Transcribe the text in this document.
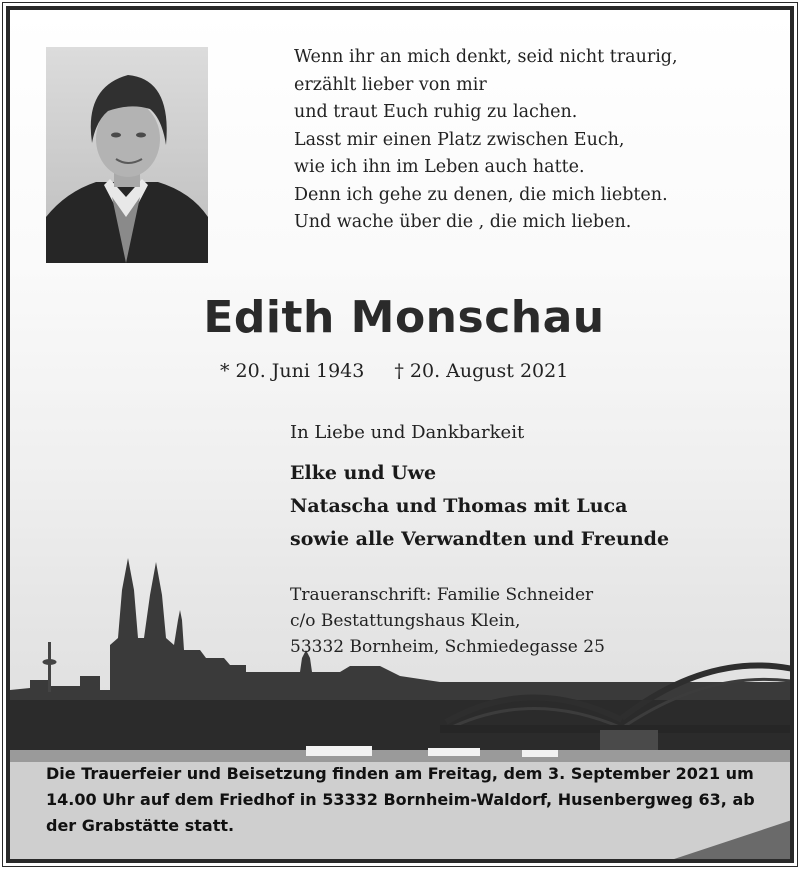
Wenn ihr an mich denkt, seid nicht traurig,
erzählt lieber von mir
und traut Euch ruhig zu lachen.
Lasst mir einen Platz zwischen Euch,
wie ich ihn im Leben auch hatte.
Denn ich gehe zu denen, die mich liebten.
Und wache über die , die mich lieben.
Edith Monschau
* 20. Juni 1943 † 20. August 2021
In Liebe und Dankbarkeit
Elke und Uwe
Natascha und Thomas mit Luca
sowie alle Verwandten und Freunde
Traueranschrift: Familie Schneider
c/o Bestattungshaus Klein,
53332 Bornheim, Schmiedegasse 25

Die Trauerfeier und Beisetzung finden am Freitag, dem 3. September 2021 um 14.00 Uhr auf dem Friedhof in 53332 Bornheim-Waldorf, Husenbergweg 63, ab der Grabstätte statt.
